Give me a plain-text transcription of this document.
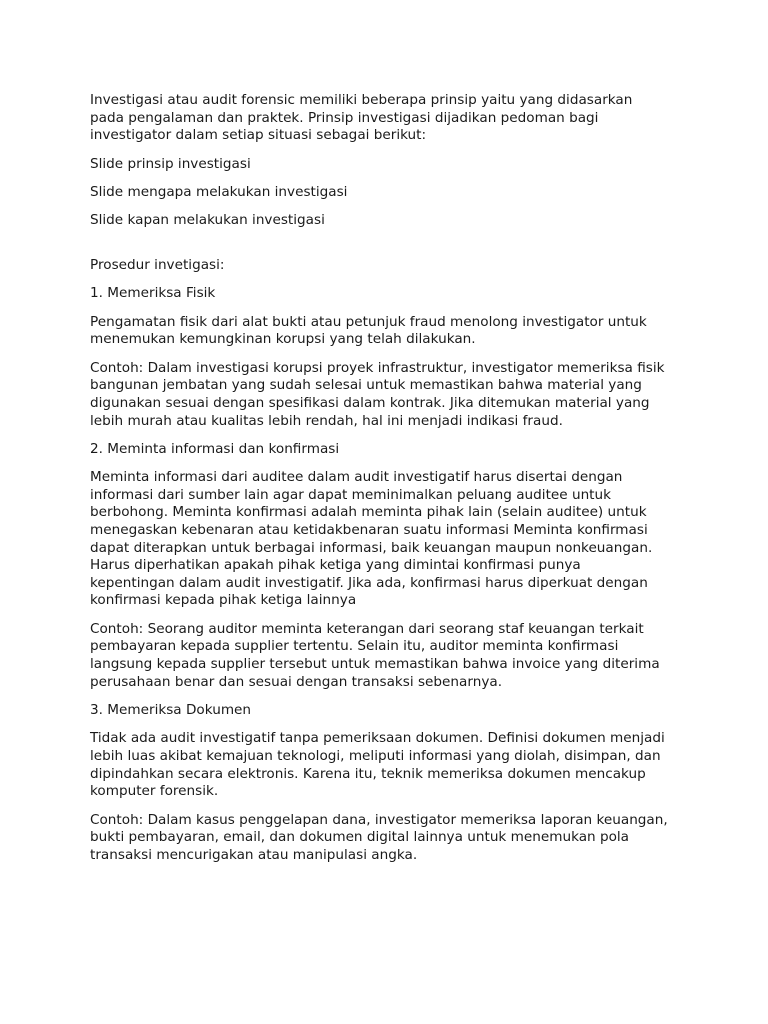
Investigasi atau audit forensic memiliki beberapa prinsip yaitu yang didasarkan
pada pengalaman dan praktek. Prinsip investigasi dijadikan pedoman bagi
investigator dalam setiap situasi sebagai berikut:

Slide prinsip investigasi

Slide mengapa melakukan investigasi

Slide kapan melakukan investigasi

Prosedur invetigasi:

1. Memeriksa Fisik

Pengamatan fisik dari alat bukti atau petunjuk fraud menolong investigator untuk
menemukan kemungkinan korupsi yang telah dilakukan.

Contoh: Dalam investigasi korupsi proyek infrastruktur, investigator memeriksa fisik
bangunan jembatan yang sudah selesai untuk memastikan bahwa material yang
digunakan sesuai dengan spesifikasi dalam kontrak. Jika ditemukan material yang
lebih murah atau kualitas lebih rendah, hal ini menjadi indikasi fraud.

2. Meminta informasi dan konfirmasi

Meminta informasi dari auditee dalam audit investigatif harus disertai dengan
informasi dari sumber lain agar dapat meminimalkan peluang auditee untuk
berbohong. Meminta konfirmasi adalah meminta pihak lain (selain auditee) untuk
menegaskan kebenaran atau ketidakbenaran suatu informasi Meminta konfirmasi
dapat diterapkan untuk berbagai informasi, baik keuangan maupun nonkeuangan.
Harus diperhatikan apakah pihak ketiga yang dimintai konfirmasi punya
kepentingan dalam audit investigatif. Jika ada, konfirmasi harus diperkuat dengan
konfirmasi kepada pihak ketiga lainnya

Contoh: Seorang auditor meminta keterangan dari seorang staf keuangan terkait
pembayaran kepada supplier tertentu. Selain itu, auditor meminta konfirmasi
langsung kepada supplier tersebut untuk memastikan bahwa invoice yang diterima
perusahaan benar dan sesuai dengan transaksi sebenarnya.

3. Memeriksa Dokumen

Tidak ada audit investigatif tanpa pemeriksaan dokumen. Definisi dokumen menjadi
lebih luas akibat kemajuan teknologi, meliputi informasi yang diolah, disimpan, dan
dipindahkan secara elektronis. Karena itu, teknik memeriksa dokumen mencakup
komputer forensik.

Contoh: Dalam kasus penggelapan dana, investigator memeriksa laporan keuangan,
bukti pembayaran, email, dan dokumen digital lainnya untuk menemukan pola
transaksi mencurigakan atau manipulasi angka.
